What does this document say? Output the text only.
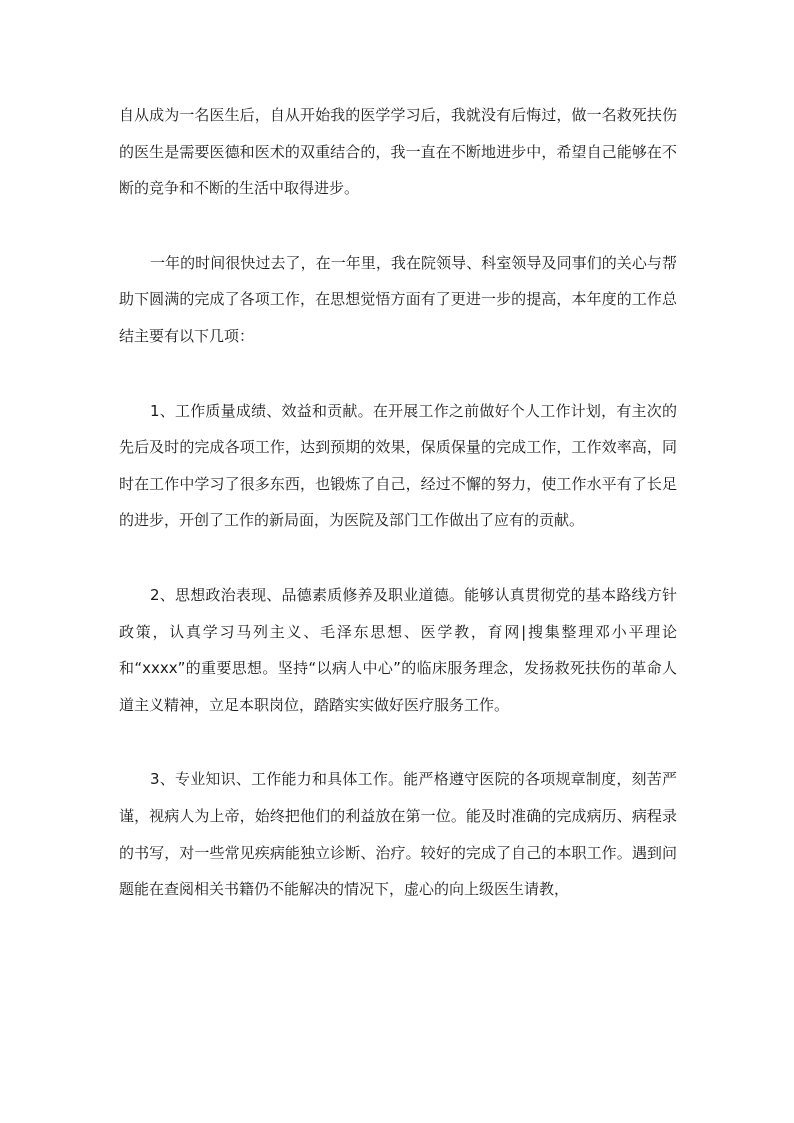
自从成为一名医生后，自从开始我的医学学习后，我就没有后悔过，做一名救死扶伤的医生是需要医德和医术的双重结合的，我一直在不断地进步中，希望自己能够在不断的竞争和不断的生活中取得进步。

一年的时间很快过去了，在一年里，我在院领导、科室领导及同事们的关心与帮助下圆满的完成了各项工作，在思想觉悟方面有了更进一步的提高，本年度的工作总结主要有以下几项：

1、工作质量成绩、效益和贡献。在开展工作之前做好个人工作计划，有主次的先后及时的完成各项工作，达到预期的效果，保质保量的完成工作，工作效率高，同时在工作中学习了很多东西，也锻炼了自己，经过不懈的努力，使工作水平有了长足的进步，开创了工作的新局面，为医院及部门工作做出了应有的贡献。

2、思想政治表现、品德素质修养及职业道德。能够认真贯彻党的基本路线方针政策，认真学习马列主义、毛泽东思想、医学教，育网|搜集整理邓小平理论和“xxxx”的重要思想。坚持“以病人中心”的临床服务理念，发扬救死扶伤的革命人道主义精神，立足本职岗位，踏踏实实做好医疗服务工作。

3、专业知识、工作能力和具体工作。能严格遵守医院的各项规章制度，刻苦严谨，视病人为上帝，始终把他们的利益放在第一位。能及时准确的完成病历、病程录的书写，对一些常见疾病能独立诊断、治疗。较好的完成了自己的本职工作。遇到问题能在查阅相关书籍仍不能解决的情况下，虚心的向上级医生请教，
